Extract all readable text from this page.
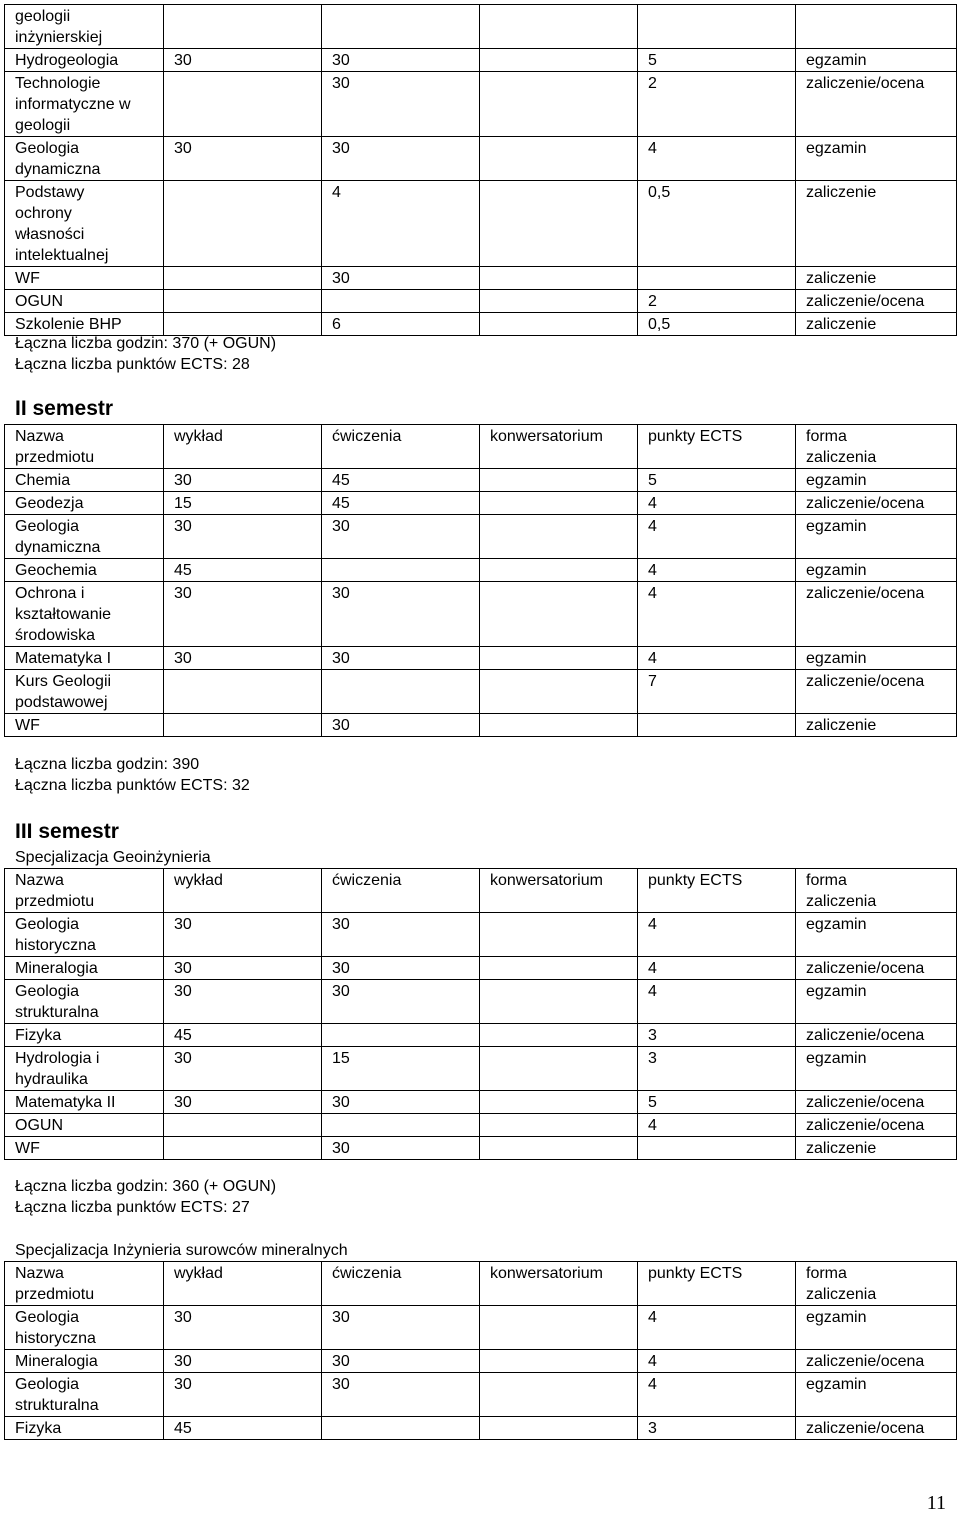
geologii
inżynierskiej					
Hydrogeologia	30	30		5	egzamin
Technologie
informatyczne w
geologii		30		2	zaliczenie/ocena
Geologia
dynamiczna	30	30		4	egzamin
Podstawy
ochrony
własności
intelektualnej		4		0,5	zaliczenie
WF		30			zaliczenie
OGUN				2	zaliczenie/ocena
Szkolenie BHP		6		0,5	zaliczenie
Łączna liczba godzin: 370 (+ OGUN)
Łączna liczba punktów ECTS: 28
II semestr
Nazwa
przedmiotu	wykład	ćwiczenia	konwersatorium	punkty ECTS	forma
zaliczenia
Chemia	30	45		5	egzamin
Geodezja	15	45		4	zaliczenie/ocena
Geologia
dynamiczna	30	30		4	egzamin
Geochemia	45			4	egzamin
Ochrona i
kształtowanie
środowiska	30	30		4	zaliczenie/ocena
Matematyka I	30	30		4	egzamin
Kurs Geologii
podstawowej				7	zaliczenie/ocena
WF		30			zaliczenie
Łączna liczba godzin: 390
Łączna liczba punktów ECTS: 32
III semestr
Specjalizacja Geoinżynieria
Nazwa
przedmiotu	wykład	ćwiczenia	konwersatorium	punkty ECTS	forma
zaliczenia
Geologia
historyczna	30	30		4	egzamin
Mineralogia	30	30		4	zaliczenie/ocena
Geologia
strukturalna	30	30		4	egzamin
Fizyka	45			3	zaliczenie/ocena
Hydrologia i
hydraulika	30	15		3	egzamin
Matematyka II	30	30		5	zaliczenie/ocena
OGUN				4	zaliczenie/ocena
WF		30			zaliczenie
Łączna liczba godzin: 360 (+ OGUN)
Łączna liczba punktów ECTS: 27
Specjalizacja Inżynieria surowców mineralnych
Nazwa
przedmiotu	wykład	ćwiczenia	konwersatorium	punkty ECTS	forma
zaliczenia
Geologia
historyczna	30	30		4	egzamin
Mineralogia	30	30		4	zaliczenie/ocena
Geologia
strukturalna	30	30		4	egzamin
Fizyka	45			3	zaliczenie/ocena
11
